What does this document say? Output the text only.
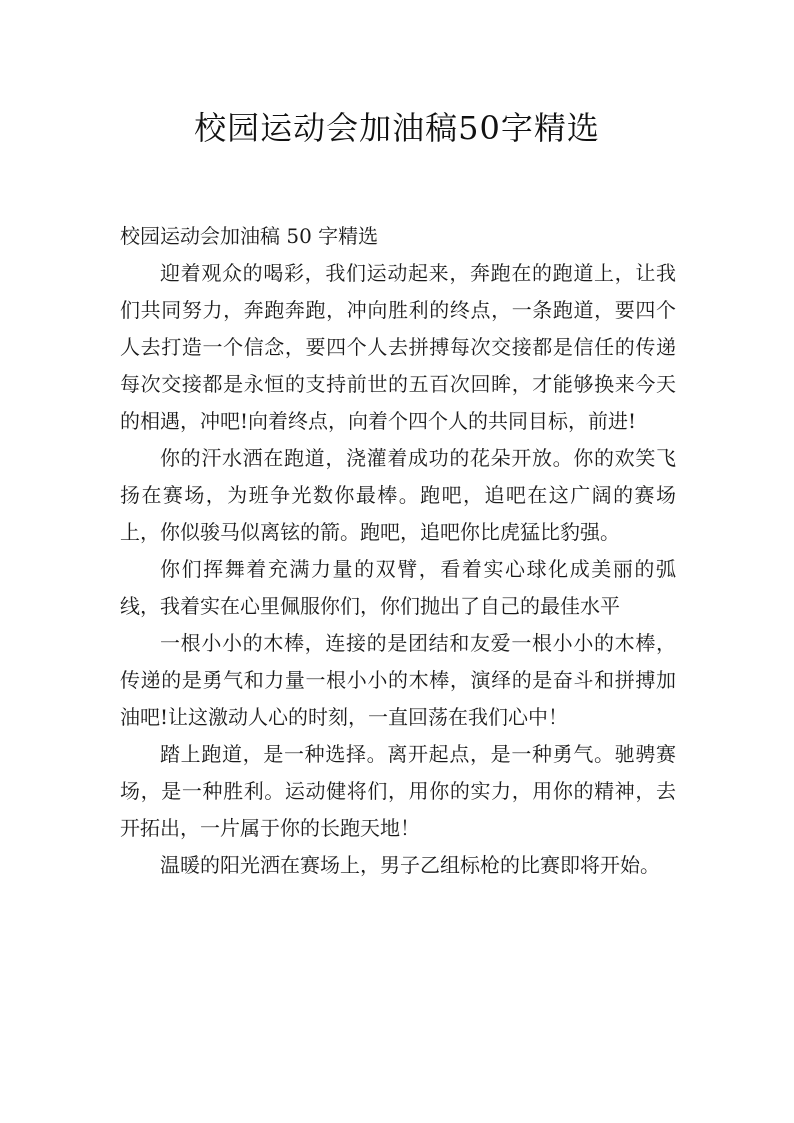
校园运动会加油稿50字精选

校园运动会加油稿 50 字精选

迎着观众的喝彩，我们运动起来，奔跑在的跑道上，让我们共同努力，奔跑奔跑，冲向胜利的终点，一条跑道，要四个人去打造一个信念，要四个人去拼搏每次交接都是信任的传递每次交接都是永恒的支持前世的五百次回眸，才能够换来今天的相遇，冲吧!向着终点，向着个四个人的共同目标，前进!

你的汗水洒在跑道，浇灌着成功的花朵开放。你的欢笑飞扬在赛场，为班争光数你最棒。跑吧，追吧在这广阔的赛场上，你似骏马似离铉的箭。跑吧，追吧你比虎猛比豹强。

你们挥舞着充满力量的双臂，看着实心球化成美丽的弧线，我着实在心里佩服你们，你们抛出了自己的最佳水平

一根小小的木棒，连接的是团结和友爱一根小小的木棒，传递的是勇气和力量一根小小的木棒，演绎的是奋斗和拼搏加油吧!让这激动人心的时刻，一直回荡在我们心中！

踏上跑道，是一种选择。离开起点，是一种勇气。驰骋赛场，是一种胜利。运动健将们，用你的实力，用你的精神，去开拓出，一片属于你的长跑天地！

温暖的阳光洒在赛场上，男子乙组标枪的比赛即将开始。
